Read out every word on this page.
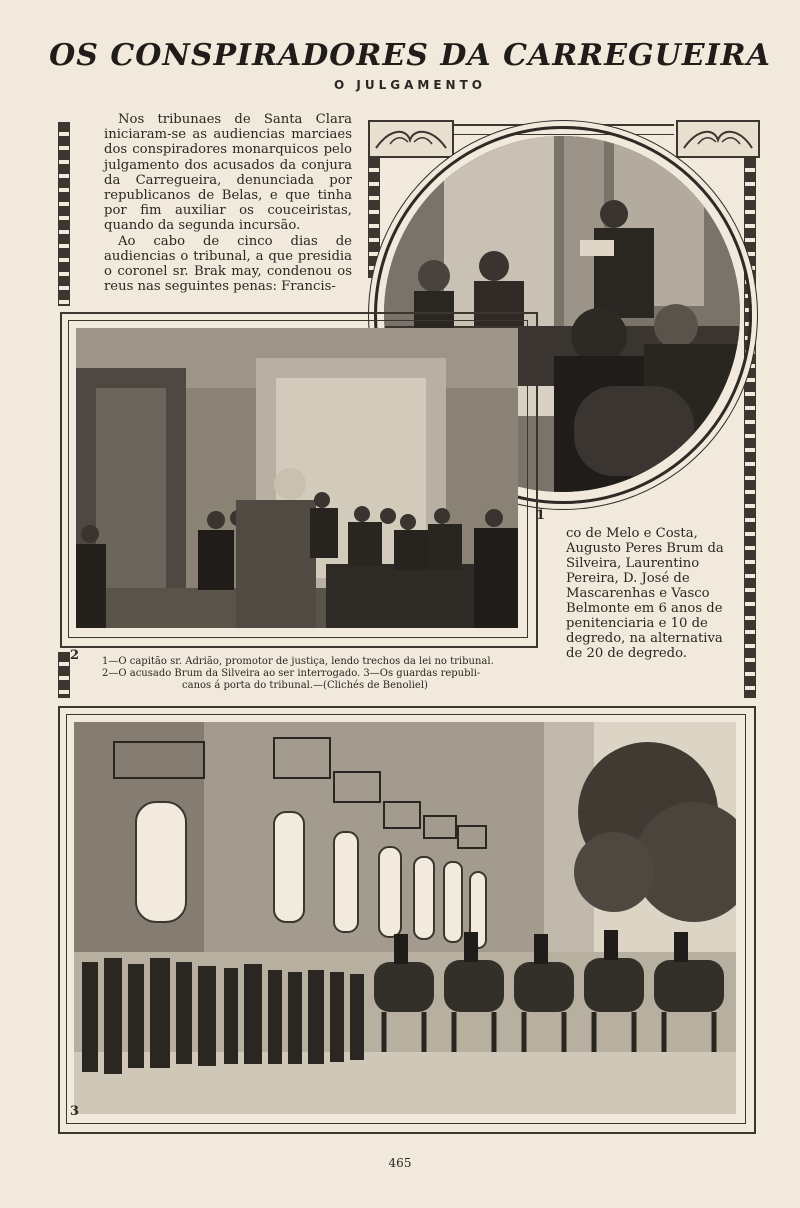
OS CONSPIRADORES DA CARREGUEIRA
O JULGAMENTO

Nos tribunaes de Santa Clara iniciaram-se as audiencias marciaes dos conspiradores monarquicos pelo julgamento dos acusados da conjura da Carregueira, denunciada por republicanos de Belas, e que tinha por fim auxiliar os couceiristas, quando da segunda incursão.

Ao cabo de cinco dias de audiencias o tribunal, a que presidia o coronel sr. Brak may, condenou os reus nas seguintes penas: Francis-

1

co de Melo e Costa, Augusto Peres Brum da Silveira, Laurentino Pereira, D. José de Mascarenhas e Vasco Belmonte em 6 anos de penitenciaria e 10 de degredo, na alternativa de 20 de degredo.

2 1—O capitão sr. Adrião, promotor de justiça, lendo trechos da lei no tribunal.
2—O acusado Brum da Silveira ao ser interrogado. 3—Os guardas republi-
canos á porta do tribunal.—(Clichés de Benoliel)
3
465
